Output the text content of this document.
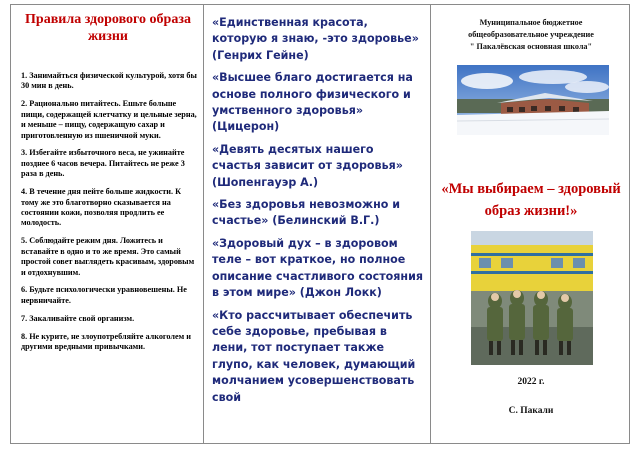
Правила здорового образа жизни
1. Занимайться физической культурой, хотя бы 30 мин в день.
2. Рационально питайтесь. Ешьте больше пищи, содержащей клетчатку и цельные зерна, и меньше – пищу, содержащую сахар и приготовленную из пшеничной муки.
3. Избегайте избыточного веса, не ужинайте позднее 6 часов вечера. Питайтесь не реже 3 раза в день.
4. В течение дня пейте больше жидкости. К тому же это благотворно сказывается на состоянии кожи, позволяя продлить ее молодость.
5. Соблюдайте режим дня. Ложитесь и вставайте в одно и то же время. Это самый простой совет выглядеть красивым, здоровым и отдохнувшим.
6. Будьте психологически уравновешены. Не нервничайте.
7. Закаливайте свой организм.
8. Не курите, не злоупотребляйте алкоголем и другими вредными привычками.

«Единственная красота, которую я знаю, -это здоровье» (Генрих Гейне)

«Высшее благо достигается на основе полного физического и умственного здоровья» (Цицерон)

«Девять десятых нашего счастья зависит от здоровья» (Шопенгауэр А.)

«Без здоровья невозможно и счастье» (Белинский В.Г.)

«Здоровый дух – в здоровом теле – вот краткое, но полное описание счастливого состояния в этом мире» (Джон Локк)

«Кто рассчитывает обеспечить себе здоровье, пребывая в лени, тот поступает также глупо, как человек, думающий молчанием усовершенствовать свой

Муниципальное бюджетное
общеобразовательное учреждение
" Пакалёвская основная школа"
«Мы выбираем – здоровый образ жизни!»
2022 г.
С. Пакали
